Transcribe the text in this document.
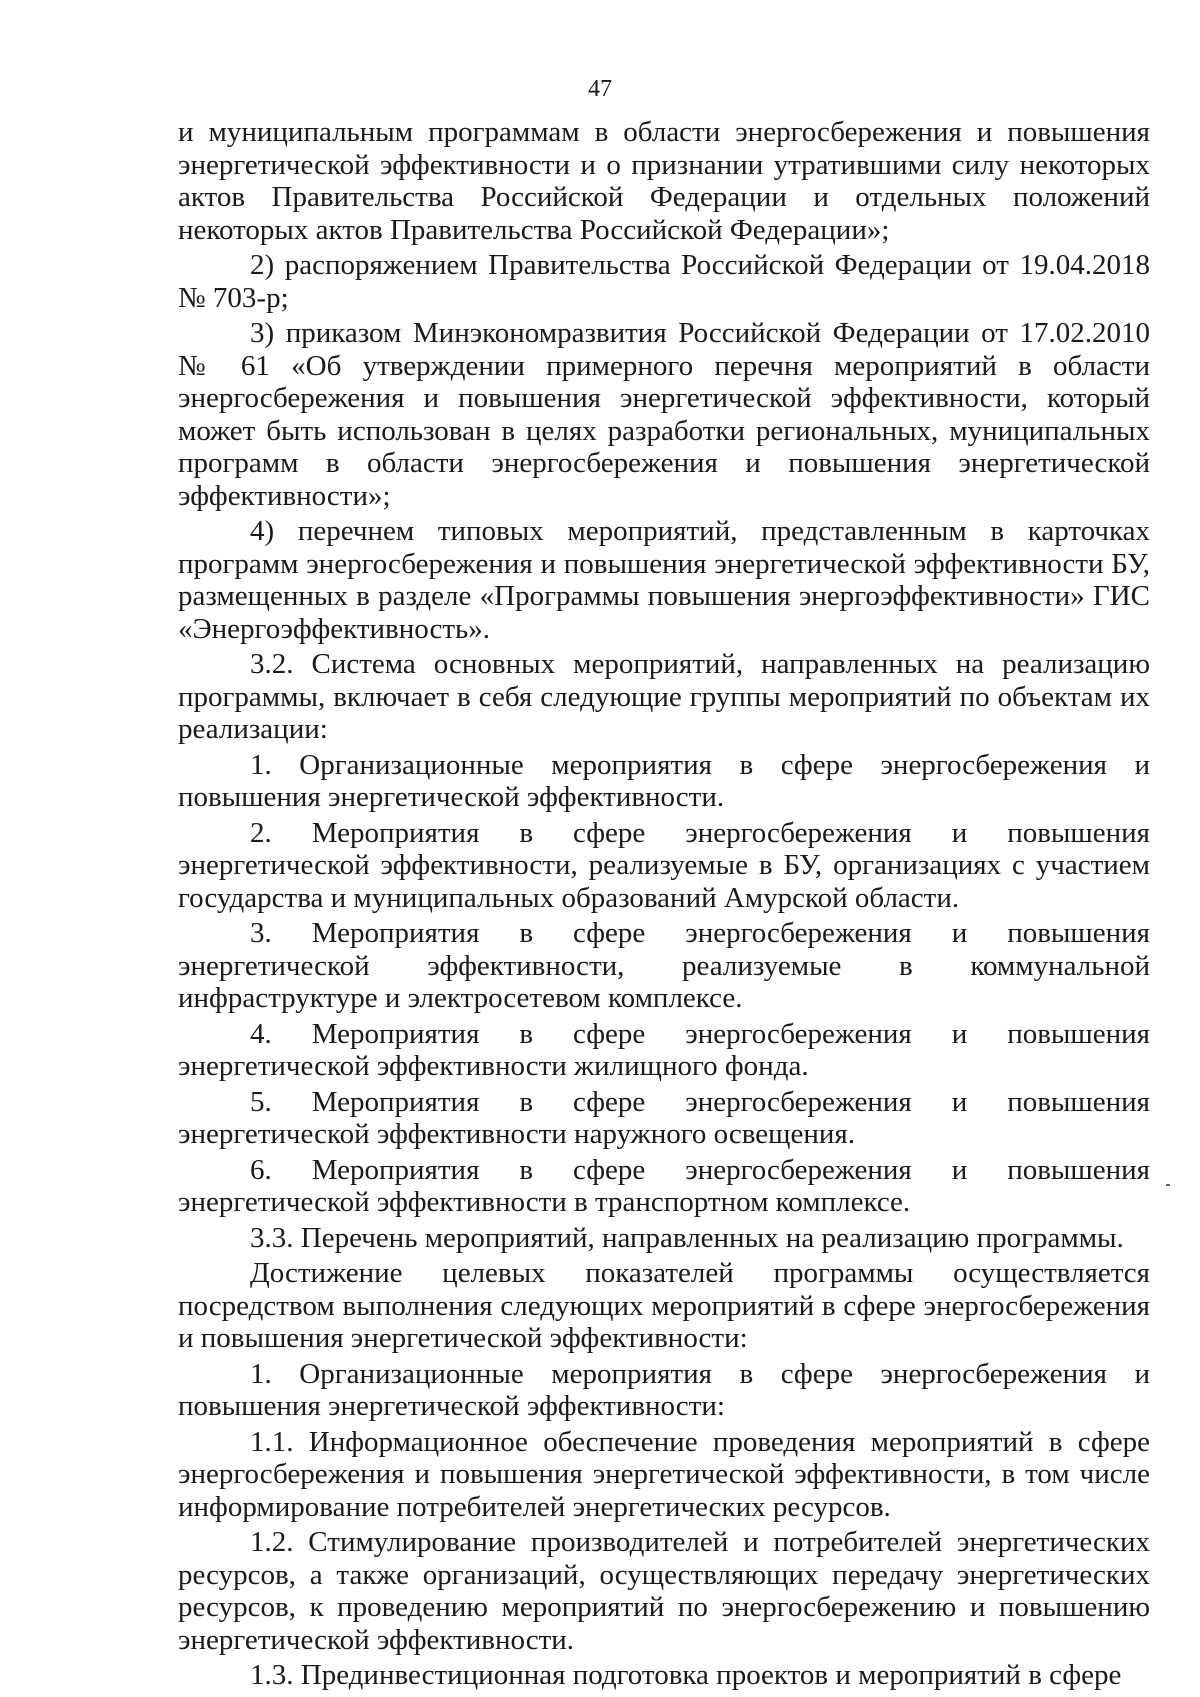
47

и муниципальным программам в области энергосбережения и повышения энергетической эффективности и о признании утратившими силу некоторых актов Правительства Российской Федерации и отдельных положений некоторых актов Правительства Российской Федерации»;

2) распоряжением Правительства Российской Федерации от 19.04.2018 № 703-р;

3) приказом Минэкономразвития Российской Федерации от 17.02.2010 № 61 «Об утверждении примерного перечня мероприятий в области энергосбережения и повышения энергетической эффективности, который может быть использован в целях разработки региональных, муниципальных программ в области энергосбережения и повышения энергетической эффективности»;

4) перечнем типовых мероприятий, представленным в карточках программ энергосбережения и повышения энергетической эффективности БУ, размещенных в разделе «Программы повышения энергоэффективности» ГИС «Энергоэффективность».

3.2. Система основных мероприятий, направленных на реализацию программы, включает в себя следующие группы мероприятий по объектам их реализации:

1. Организационные мероприятия в сфере энергосбережения и повышения энергетической эффективности.

2. Мероприятия в сфере энергосбережения и повышения энергетической эффективности, реализуемые в БУ, организациях с участием государства и муниципальных образований Амурской области.

3. Мероприятия в сфере энергосбережения и повышения энергетической эффективности, реализуемые в коммунальной инфраструктуре и электросетевом комплексе.

4. Мероприятия в сфере энергосбережения и повышения энергетической эффективности жилищного фонда.

5. Мероприятия в сфере энергосбережения и повышения энергетической эффективности наружного освещения.

6. Мероприятия в сфере энергосбережения и повышения энергетической эффективности в транспортном комплексе.

3.3. Перечень мероприятий, направленных на реализацию программы.

Достижение целевых показателей программы осуществляется посредством выполнения следующих мероприятий в сфере энергосбережения и повышения энергетической эффективности:

1. Организационные мероприятия в сфере энергосбережения и повышения энергетической эффективности:

1.1. Информационное обеспечение проведения мероприятий в сфере энергосбережения и повышения энергетической эффективности, в том числе информирование потребителей энергетических ресурсов.

1.2. Стимулирование производителей и потребителей энергетических ресурсов, а также организаций, осуществляющих передачу энергетических ресурсов, к проведению мероприятий по энергосбережению и повышению энергетической эффективности.

1.3. Прединвестиционная подготовка проектов и мероприятий в сфере
